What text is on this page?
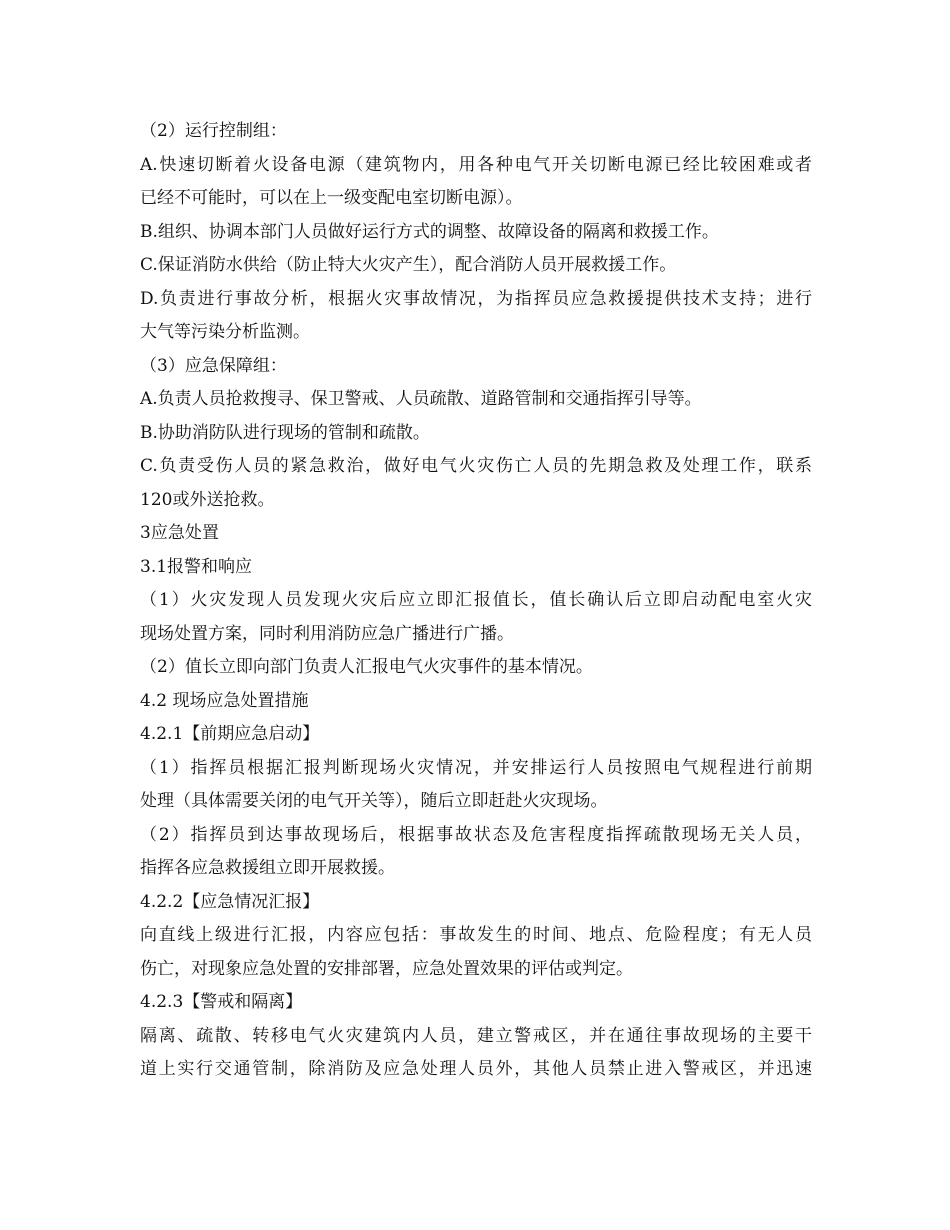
（2）运行控制组：
A.快速切断着火设备电源（建筑物内，用各种电气开关切断电源已经比较困难或者
已经不可能时，可以在上一级变配电室切断电源）。
B.组织、协调本部门人员做好运行方式的调整、故障设备的隔离和救援工作。
C.保证消防水供给（防止特大火灾产生），配合消防人员开展救援工作。
D.负责进行事故分析，根据火灾事故情况，为指挥员应急救援提供技术支持；进行
大气等污染分析监测。
（3）应急保障组：
A.负责人员抢救搜寻、保卫警戒、人员疏散、道路管制和交通指挥引导等。
B.协助消防队进行现场的管制和疏散。
C.负责受伤人员的紧急救治，做好电气火灾伤亡人员的先期急救及处理工作，联系
120或外送抢救。
3应急处置
3.1报警和响应
（1）火灾发现人员发现火灾后应立即汇报值长，值长确认后立即启动配电室火灾
现场处置方案，同时利用消防应急广播进行广播。
（2）值长立即向部门负责人汇报电气火灾事件的基本情况。
4.2 现场应急处置措施
4.2.1【前期应急启动】
（1）指挥员根据汇报判断现场火灾情况，并安排运行人员按照电气规程进行前期
处理（具体需要关闭的电气开关等），随后立即赶赴火灾现场。
（2）指挥员到达事故现场后，根据事故状态及危害程度指挥疏散现场无关人员，
指挥各应急救援组立即开展救援。
4.2.2【应急情况汇报】
向直线上级进行汇报，内容应包括：事故发生的时间、地点、危险程度；有无人员
伤亡，对现象应急处置的安排部署，应急处置效果的评估或判定。
4.2.3【警戒和隔离】
隔离、疏散、转移电气火灾建筑内人员，建立警戒区，并在通往事故现场的主要干
道上实行交通管制，除消防及应急处理人员外，其他人员禁止进入警戒区，并迅速
